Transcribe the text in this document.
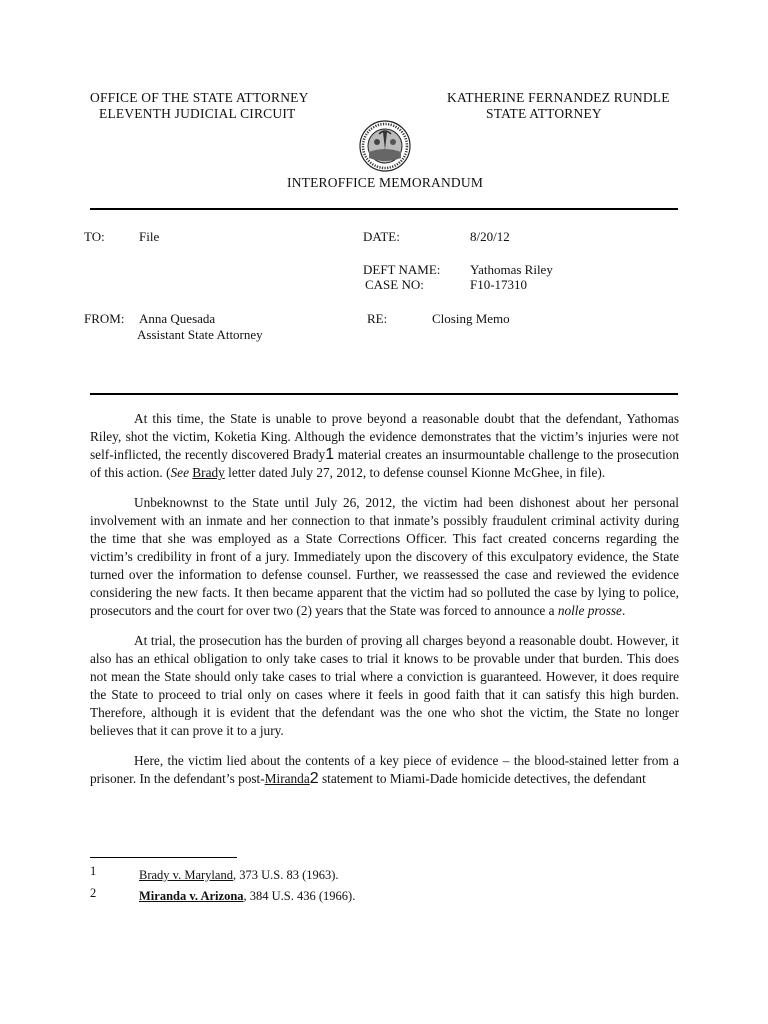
OFFICE OF THE STATE ATTORNEY
ELEVENTH JUDICIAL CIRCUIT
KATHERINE FERNANDEZ RUNDLE
STATE ATTORNEY
INTEROFFICE MEMORANDUM
TO:	File	DATE:	8/20/12
DEFT NAME: Yathomas Riley
CASE NO:	F10-17310
FROM: Anna Quesada
Assistant State Attorney
RE:	Closing Memo

At this time, the State is unable to prove beyond a reasonable doubt that the defendant, Yathomas Riley, shot the victim, Koketia King. Although the evidence demonstrates that the victim’s injuries were not self-inflicted, the recently discovered Brady1 material creates an insurmountable challenge to the prosecution of this action. (See Brady letter dated July 27, 2012, to defense counsel Kionne McGhee, in file).

Unbeknownst to the State until July 26, 2012, the victim had been dishonest about her personal involvement with an inmate and her connection to that inmate’s possibly fraudulent criminal activity during the time that she was employed as a State Corrections Officer. This fact created concerns regarding the victim’s credibility in front of a jury. Immediately upon the discovery of this exculpatory evidence, the State turned over the information to defense counsel. Further, we reassessed the case and reviewed the evidence considering the new facts. It then became apparent that the victim had so polluted the case by lying to police, prosecutors and the court for over two (2) years that the State was forced to announce a nolle prosse.

At trial, the prosecution has the burden of proving all charges beyond a reasonable doubt. However, it also has an ethical obligation to only take cases to trial it knows to be provable under that burden. This does not mean the State should only take cases to trial where a conviction is guaranteed. However, it does require the State to proceed to trial only on cases where it feels in good faith that it can satisfy this high burden. Therefore, although it is evident that the defendant was the one who shot the victim, the State no longer believes that it can prove it to a jury.

Here, the victim lied about the contents of a key piece of evidence – the blood-stained letter from a prisoner. In the defendant’s post-Miranda2 statement to Miami-Dade homicide detectives, the defendant

1	Brady v. Maryland, 373 U.S. 83 (1963).
2	Miranda v. Arizona, 384 U.S. 436 (1966).
